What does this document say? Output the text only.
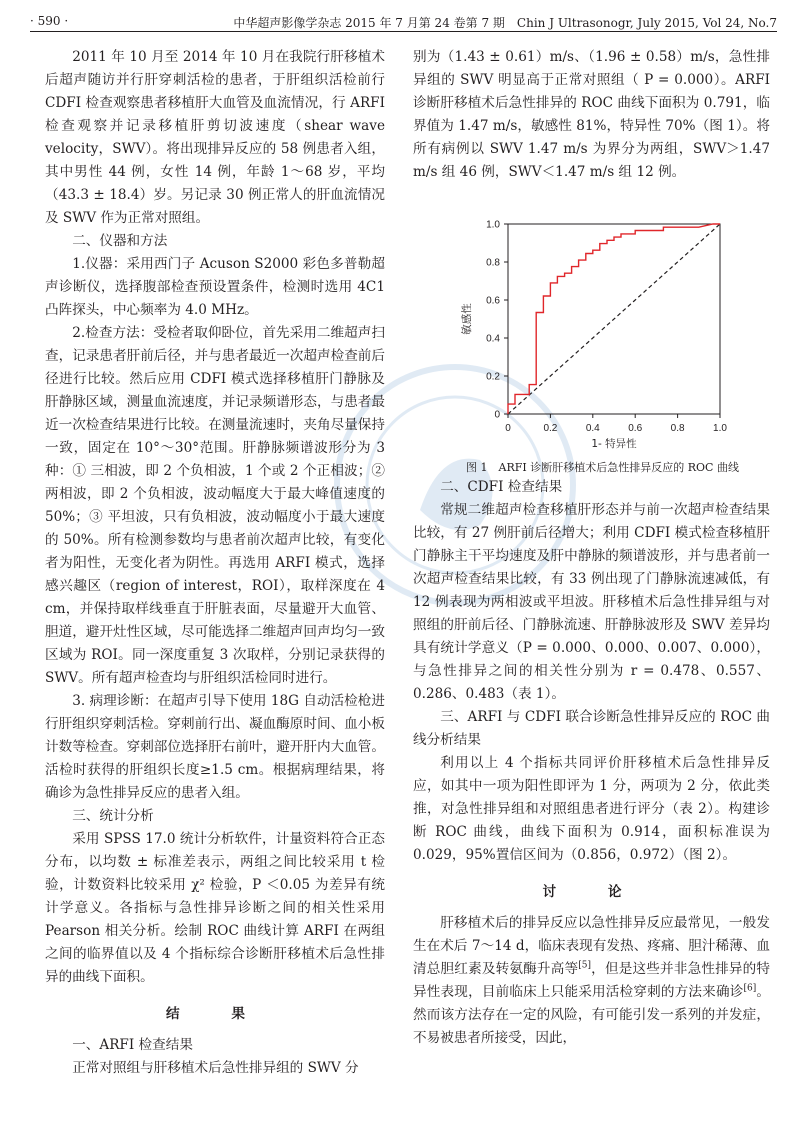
· 590 ·	中华超声影像学杂志 2015 年 7 月第 24 卷第 7 期　Chin J Ultrasonogr, July 2015, Vol 24, No.7

2011 年 10 月至 2014 年 10 月在我院行肝移植术后超声随访并行肝穿刺活检的患者，于肝组织活检前行 CDFI 检查观察患者移植肝大血管及血流情况，行 ARFI 检查观察并记录移植肝剪切波速度（shear wave velocity，SWV）。将出现排异反应的 58 例患者入组，其中男性 44 例，女性 14 例，年龄 1～68 岁，平均（43.3 ± 18.4）岁。另记录 30 例正常人的肝血流情况及 SWV 作为正常对照组。

二、仪器和方法

1.仪器：采用西门子 Acuson S2000 彩色多普勒超声诊断仪，选择腹部检查预设置条件，检测时选用 4C1 凸阵探头，中心频率为 4.0 MHz。

2.检查方法：受检者取仰卧位，首先采用二维超声扫查，记录患者肝前后径，并与患者最近一次超声检查前后径进行比较。然后应用 CDFI 模式选择移植肝门静脉及肝静脉区域，测量血流速度，并记录频谱形态，与患者最近一次检查结果进行比较。在测量流速时，夹角尽量保持一致，固定在 10°～30°范围。肝静脉频谱波形分为 3 种：① 三相波，即 2 个负相波，1 个或 2 个正相波；② 两相波，即 2 个负相波，波动幅度大于最大峰值速度的 50%；③ 平坦波，只有负相波，波动幅度小于最大速度的 50%。所有检测参数均与患者前次超声比较，有变化者为阳性，无变化者为阴性。再选用 ARFI 模式，选择感兴趣区（region of interest，ROI），取样深度在 4 cm，并保持取样线垂直于肝脏表面，尽量避开大血管、胆道，避开灶性区域，尽可能选择二维超声回声均匀一致区域为 ROI。同一深度重复 3 次取样，分别记录获得的 SWV。所有超声检查均与肝组织活检同时进行。

3. 病理诊断：在超声引导下使用 18G 自动活检枪进行肝组织穿刺活检。穿刺前行出、凝血酶原时间、血小板计数等检查。穿刺部位选择肝右前叶，避开肝内大血管。活检时获得的肝组织长度≥1.5 cm。根据病理结果，将确诊为急性排异反应的患者入组。

三、统计分析

采用 SPSS 17.0 统计分析软件，计量资料符合正态分布，以均数 ± 标准差表示，两组之间比较采用 t 检验，计数资料比较采用 χ² 检验，P ＜0.05 为差异有统计学意义。各指标与急性排异诊断之间的相关性采用 Pearson 相关分析。绘制 ROC 曲线计算 ARFI 在两组之间的临界值以及 4 个指标综合诊断肝移植术后急性排异的曲线下面积。

结　果

一、ARFI 检查结果

正常对照组与肝移植术后急性排异组的 SWV 分

别为（1.43 ± 0.61）m/s、（1.96 ± 0.58）m/s，急性排异组的 SWV 明显高于正常对照组（ P = 0.000）。ARFI 诊断肝移植术后急性排异的 ROC 曲线下面积为 0.791，临界值为 1.47 m/s，敏感性 81%，特异性 70%（图 1）。将所有病例以 SWV 1.47 m/s 为界分为两组，SWV＞1.47 m/s 组 46 例，SWV＜1.47 m/s 组 12 例。

0	0.2	0.4	0.6	0.8	1.0
0
0.2
0.4
0.6
0.8
1.0
1- 特异性
敏感性

图 1　ARFI 诊断肝移植术后急性排异反应的 ROC 曲线

二、CDFI 检查结果

常规二维超声检查移植肝形态并与前一次超声检查结果比较，有 27 例肝前后径增大；利用 CDFI 模式检查移植肝门静脉主干平均速度及肝中静脉的频谱波形，并与患者前一次超声检查结果比较，有 33 例出现了门静脉流速减低，有 12 例表现为两相波或平坦波。肝移植术后急性排异组与对照组的肝前后径、门静脉流速、肝静脉波形及 SWV 差异均具有统计学意义（P = 0.000、0.000、0.007、0.000），与急性排异之间的相关性分别为 r = 0.478、0.557、0.286、0.483（表 1）。

三、ARFI 与 CDFI 联合诊断急性排异反应的 ROC 曲线分析结果

利用以上 4 个指标共同评价肝移植术后急性排异反应，如其中一项为阳性即评为 1 分，两项为 2 分，依此类推，对急性排异组和对照组患者进行评分（表 2）。构建诊断 ROC 曲线，曲线下面积为 0.914，面积标准误为 0.029，95%置信区间为（0.856，0.972）（图 2）。

讨　论

肝移植术后的排异反应以急性排异反应最常见，一般发生在术后 7～14 d，临床表现有发热、疼痛、胆汁稀薄、血清总胆红素及转氨酶升高等[5]，但是这些并非急性排异的特异性表现，目前临床上只能采用活检穿刺的方法来确诊[6]。然而该方法存在一定的风险，有可能引发一系列的并发症，不易被患者所接受，因此，
